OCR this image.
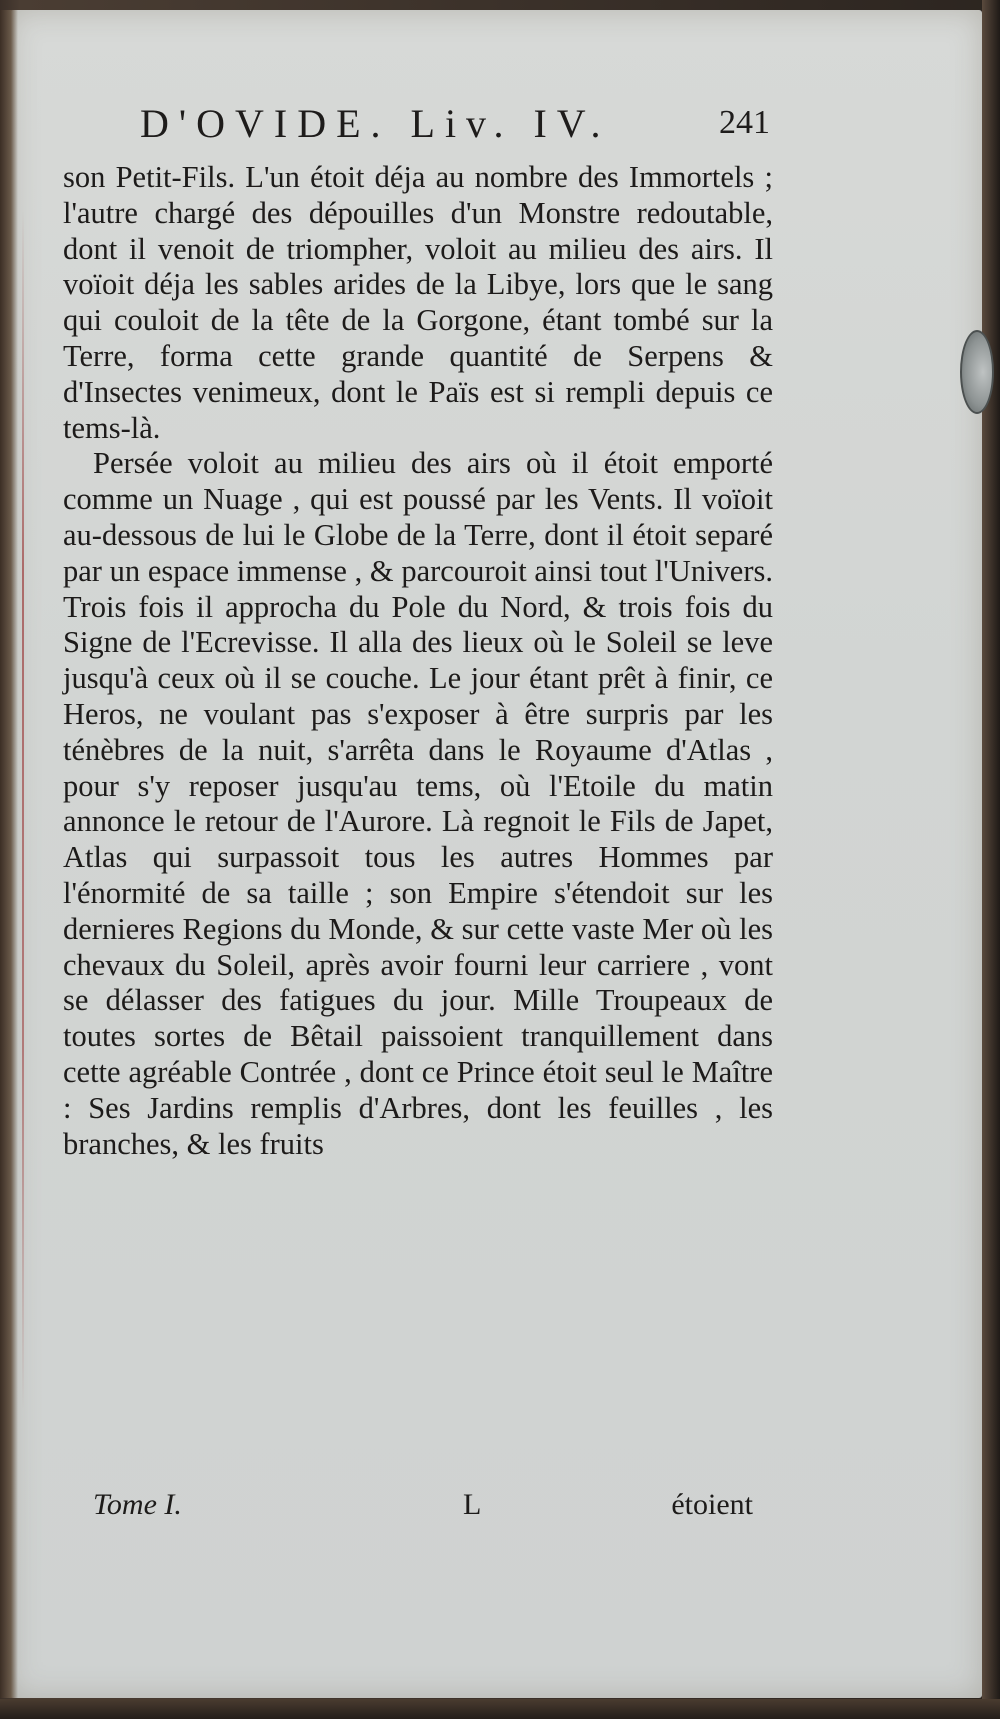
D'OVIDE. Liv. IV.	241

son Petit-Fils. L'un étoit déja au nombre des Immortels ; l'autre chargé des dépouilles d'un Monstre redoutable, dont il venoit de triompher, voloit au milieu des airs. Il voïoit déja les sables arides de la Libye, lors que le sang qui couloit de la tête de la Gorgone, étant tombé sur la Terre, forma cette grande quantité de Serpens & d'Insectes venimeux, dont le Païs est si rempli depuis ce tems-là.

Persée voloit au milieu des airs où il étoit emporté comme un Nuage , qui est poussé par les Vents. Il voïoit au-dessous de lui le Globe de la Terre, dont il étoit separé par un espace immense , & parcouroit ainsi tout l'Univers. Trois fois il approcha du Pole du Nord, & trois fois du Signe de l'Ecrevisse. Il alla des lieux où le Soleil se leve jusqu'à ceux où il se couche. Le jour étant prêt à finir, ce Heros, ne voulant pas s'exposer à être surpris par les ténèbres de la nuit, s'arrêta dans le Royaume d'Atlas , pour s'y reposer jusqu'au tems, où l'Etoile du matin annonce le retour de l'Aurore. Là regnoit le Fils de Japet, Atlas qui surpassoit tous les autres Hommes par l'énormité de sa taille ; son Empire s'étendoit sur les dernieres Regions du Monde, & sur cette vaste Mer où les chevaux du Soleil, après avoir fourni leur carriere , vont se délasser des fatigues du jour. Mille Troupeaux de toutes sortes de Bêtail paissoient tranquillement dans cette agréable Contrée , dont ce Prince étoit seul le Maître : Ses Jardins remplis d'Arbres, dont les feuilles , les branches, & les fruits

Tome I.	L	étoient
